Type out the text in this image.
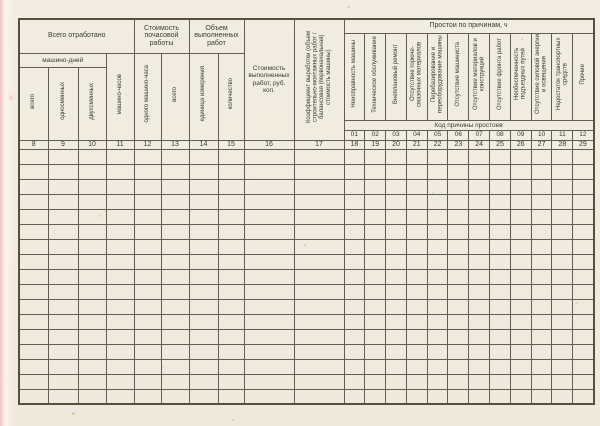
Всего отработано				Стоимость почасовой работы		Объем выполненных работ		Стоимость выполненных работ, руб. коп.	Коэффициент выработки (объем строительно-монтажных работ / балансовая (первоначальная) стоимость машины)	Простои по причинам, ч											
										Неисправность машины	Техническое обслуживание	Внеплановый ремонт	Отсутствие горюче-смазочных материалов	Перебазирование и переоборудование машины	Отсутствие машиниста	Отсутствие материалов и конструкций	Отсутствие фронта работ	Необеспеченность подъездных путей	Отсутствие силовой энергии и освещения	Недостаток транспортных средств	Прочие
машино-дней			машино-часов	одного машино-часа	всего	единица измерения	количество														
всего	односменных	двухсменных																			
										Код причины простоев											
										01	02	03	04	05	06	07	08	09	10	11	12
8	9	10	11	12	13	14	15	16	17	18	19	20	21	22	23	24	25	26	27	28	29
